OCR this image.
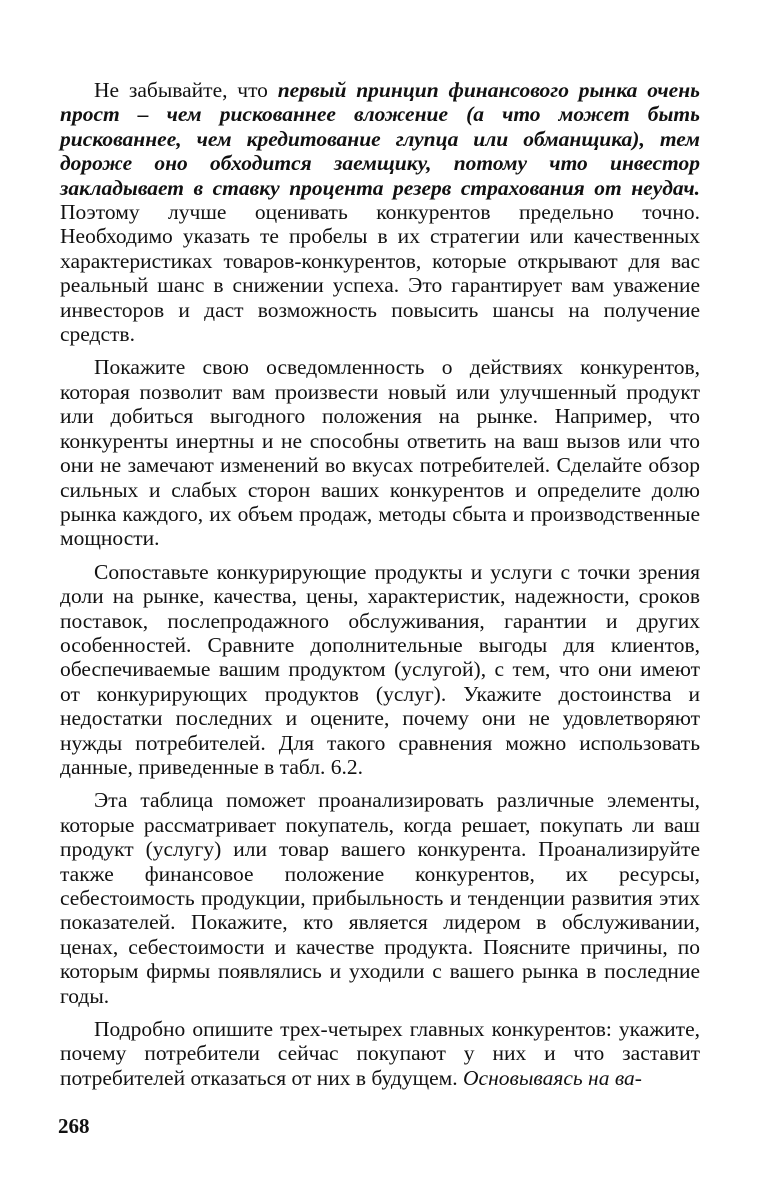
Не забывайте, что первый принцип финансового рынка очень прост – чем рискованнее вложение (а что может быть рискованнее, чем кредитование глупца или обманщика), тем дороже оно обходится заемщику, потому что инвестор закладывает в ставку процента резерв страхования от неудач. Поэтому лучше оценивать конкурентов предельно точно. Необходимо указать те пробелы в их стратегии или качественных характеристиках товаров-конкурентов, которые открывают для вас реальный шанс в снижении успеха. Это гарантирует вам уважение инвесторов и даст возможность повысить шансы на получение средств.

Покажите свою осведомленность о действиях конкурентов, которая позволит вам произвести новый или улучшенный продукт или добиться выгодного положения на рынке. Например, что конкуренты инертны и не способны ответить на ваш вызов или что они не замечают изменений во вкусах потребителей. Сделайте обзор сильных и слабых сторон ваших конкурентов и определите долю рынка каждого, их объем продаж, методы сбыта и производственные мощности.

Сопоставьте конкурирующие продукты и услуги с точки зрения доли на рынке, качества, цены, характеристик, надежности, сроков поставок, послепродажного обслуживания, гарантии и других особенностей. Сравните дополнительные выгоды для клиентов, обеспечиваемые вашим продуктом (услугой), с тем, что они имеют от конкурирующих продуктов (услуг). Укажите достоинства и недостатки последних и оцените, почему они не удовлетворяют нужды потребителей. Для такого сравнения можно использовать данные, приведенные в табл. 6.2.

Эта таблица поможет проанализировать различные элементы, которые рассматривает покупатель, когда решает, покупать ли ваш продукт (услугу) или товар вашего конкурента. Проанализируйте также финансовое положение конкурентов, их ресурсы, себестоимость продукции, прибыльность и тенденции развития этих показателей. Покажите, кто является лидером в обслуживании, ценах, себестоимости и качестве продукта. Поясните причины, по которым фирмы появлялись и уходили с вашего рынка в последние годы.

Подробно опишите трех-четырех главных конкурентов: укажите, почему потребители сейчас покупают у них и что заставит потребителей отказаться от них в будущем. Основываясь на ва-

268
